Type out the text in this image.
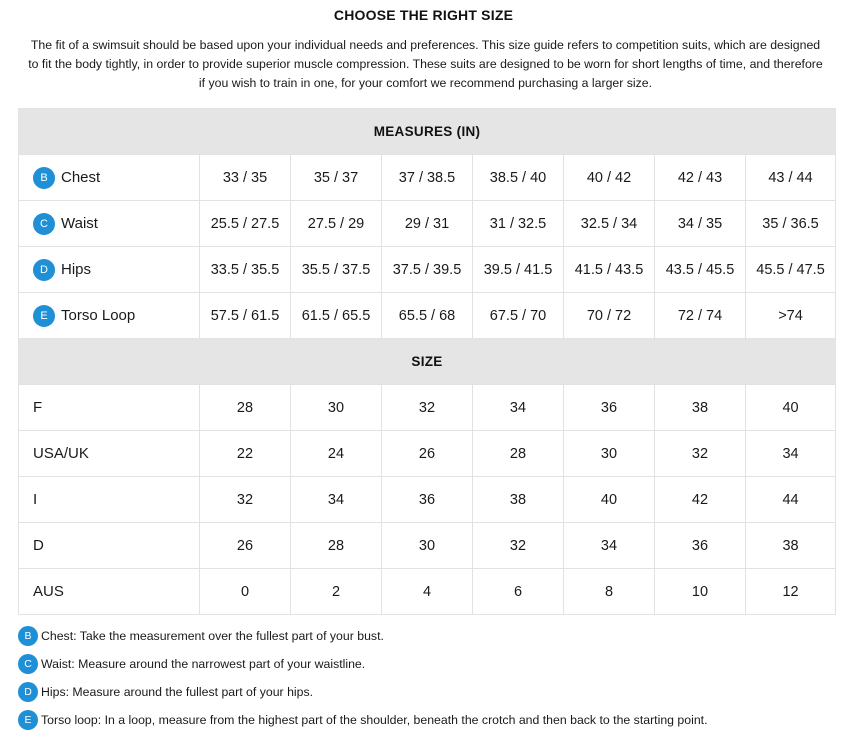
CHOOSE THE RIGHT SIZE
The fit of a swimsuit should be based upon your individual needs and preferences. This size guide refers to competition suits, which are designed to fit the body tightly, in order to provide superior muscle compression. These suits are designed to be worn for short lengths of time, and therefore if you wish to train in one, for your comfort we recommend purchasing a larger size.
MEASURES (IN)							
B Chest	33 / 35	35 / 37	37 / 38.5	38.5 / 40	40 / 42	42 / 43	43 / 44
C Waist	25.5 / 27.5	27.5 / 29	29 / 31	31 / 32.5	32.5 / 34	34 / 35	35 / 36.5
D Hips	33.5 / 35.5	35.5 / 37.5	37.5 / 39.5	39.5 / 41.5	41.5 / 43.5	43.5 / 45.5	45.5 / 47.5
E Torso Loop	57.5 / 61.5	61.5 / 65.5	65.5 / 68	67.5 / 70	70 / 72	72 / 74	>74
SIZE							
F	28	30	32	34	36	38	40
USA/UK	22	24	26	28	30	32	34
I	32	34	36	38	40	42	44
D	26	28	30	32	34	36	38
AUS	0	2	4	6	8	10	12
B Chest: Take the measurement over the fullest part of your bust.
C Waist: Measure around the narrowest part of your waistline.
D Hips: Measure around the fullest part of your hips.
E Torso loop: In a loop, measure from the highest part of the shoulder, beneath the crotch and then back to the starting point.
